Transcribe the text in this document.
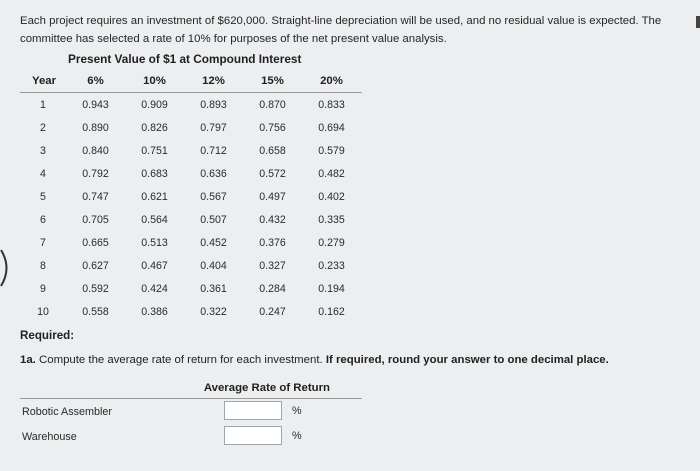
Each project requires an investment of $620,000. Straight-line depreciation will be used, and no residual value is expected. The
committee has selected a rate of 10% for purposes of the net present value analysis.
Present Value of $1 at Compound Interest
Year	6%	10%	12%	15%	20%
1	0.943	0.909	0.893	0.870	0.833
2	0.890	0.826	0.797	0.756	0.694
3	0.840	0.751	0.712	0.658	0.579
4	0.792	0.683	0.636	0.572	0.482
5	0.747	0.621	0.567	0.497	0.402
6	0.705	0.564	0.507	0.432	0.335
7	0.665	0.513	0.452	0.376	0.279
8	0.627	0.467	0.404	0.327	0.233
9	0.592	0.424	0.361	0.284	0.194
10	0.558	0.386	0.322	0.247	0.162
Required:
1a. Compute the average rate of return for each investment. If required, round your answer to one decimal place.
Average Rate of Return
Robotic Assembler	%
Warehouse	%
